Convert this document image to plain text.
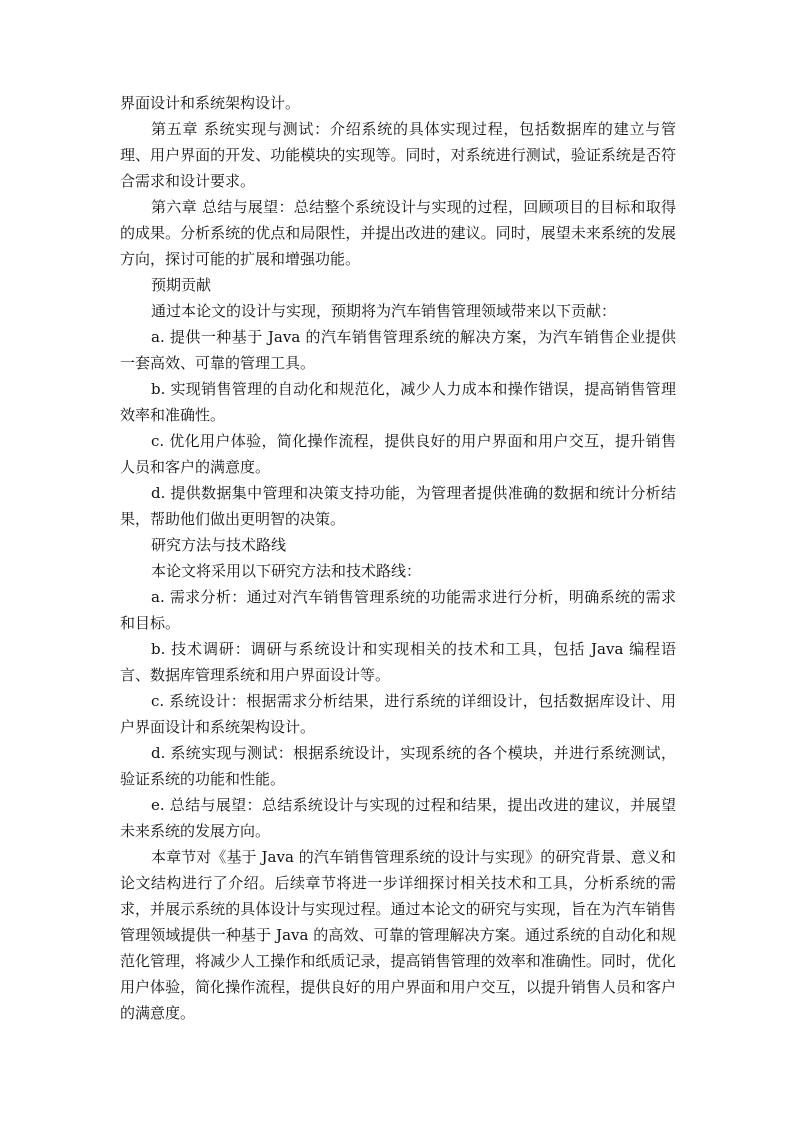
界面设计和系统架构设计。

第五章 系统实现与测试：介绍系统的具体实现过程，包括数据库的建立与管理、用户界面的开发、功能模块的实现等。同时，对系统进行测试，验证系统是否符合需求和设计要求。

第六章 总结与展望：总结整个系统设计与实现的过程，回顾项目的目标和取得的成果。分析系统的优点和局限性，并提出改进的建议。同时，展望未来系统的发展方向，探讨可能的扩展和增强功能。

预期贡献

通过本论文的设计与实现，预期将为汽车销售管理领域带来以下贡献：

a. 提供一种基于 Java 的汽车销售管理系统的解决方案，为汽车销售企业提供一套高效、可靠的管理工具。

b. 实现销售管理的自动化和规范化，减少人力成本和操作错误，提高销售管理效率和准确性。

c. 优化用户体验，简化操作流程，提供良好的用户界面和用户交互，提升销售人员和客户的满意度。

d. 提供数据集中管理和决策支持功能，为管理者提供准确的数据和统计分析结果，帮助他们做出更明智的决策。

研究方法与技术路线

本论文将采用以下研究方法和技术路线：

a. 需求分析：通过对汽车销售管理系统的功能需求进行分析，明确系统的需求和目标。

b. 技术调研：调研与系统设计和实现相关的技术和工具，包括 Java 编程语言、数据库管理系统和用户界面设计等。

c. 系统设计：根据需求分析结果，进行系统的详细设计，包括数据库设计、用户界面设计和系统架构设计。

d. 系统实现与测试：根据系统设计，实现系统的各个模块，并进行系统测试，验证系统的功能和性能。

e. 总结与展望：总结系统设计与实现的过程和结果，提出改进的建议，并展望未来系统的发展方向。

本章节对《基于 Java 的汽车销售管理系统的设计与实现》的研究背景、意义和论文结构进行了介绍。后续章节将进一步详细探讨相关技术和工具，分析系统的需求，并展示系统的具体设计与实现过程。通过本论文的研究与实现，旨在为汽车销售管理领域提供一种基于 Java 的高效、可靠的管理解决方案。通过系统的自动化和规范化管理，将减少人工操作和纸质记录，提高销售管理的效率和准确性。同时，优化用户体验，简化操作流程，提供良好的用户界面和用户交互，以提升销售人员和客户的满意度。
